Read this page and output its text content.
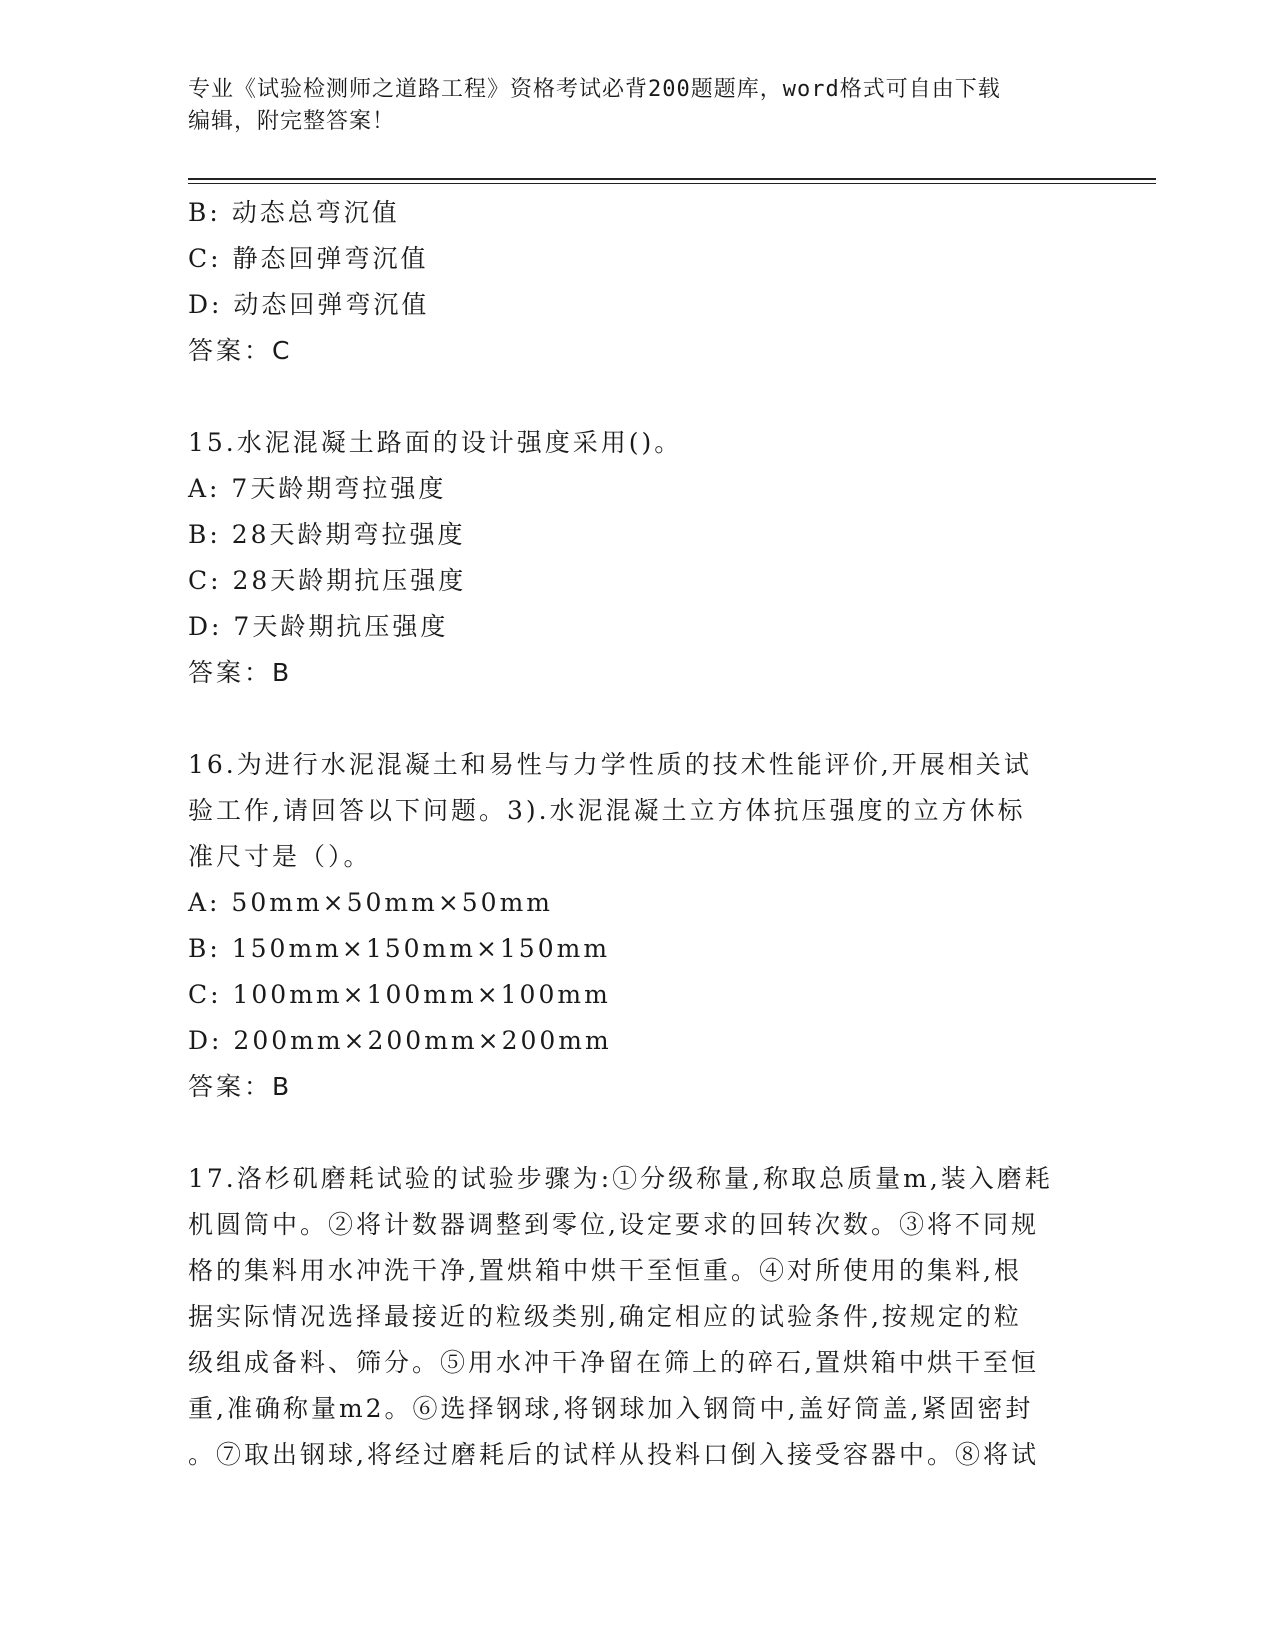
专业《试验检测师之道路工程》资格考试必背200题题库，word格式可自由下载
编辑，附完整答案！
B: 动态总弯沉值
C: 静态回弹弯沉值
D: 动态回弹弯沉值
答案：C
15.水泥混凝土路面的设计强度采用()。
A: 7天龄期弯拉强度
B: 28天龄期弯拉强度
C: 28天龄期抗压强度
D: 7天龄期抗压强度
答案：B
16.为进行水泥混凝土和易性与力学性质的技术性能评价,开展相关试
验工作,请回答以下问题。3).水泥混凝土立方体抗压强度的立方休标
准尺寸是（）。
A: 50mm×50mm×50mm
B: 150mm×150mm×150mm
C: 100mm×100mm×100mm
D: 200mm×200mm×200mm
答案：B
17.洛杉矶磨耗试验的试验步骤为:①分级称量,称取总质量m,装入磨耗
机圆筒中。②将计数器调整到零位,设定要求的回转次数。③将不同规
格的集料用水冲洗干净,置烘箱中烘干至恒重。④对所使用的集料,根
据实际情况选择最接近的粒级类别,确定相应的试验条件,按规定的粒
级组成备料、筛分。⑤用水冲干净留在筛上的碎石,置烘箱中烘干至恒
重,准确称量m2。⑥选择钢球,将钢球加入钢筒中,盖好筒盖,紧固密封
。⑦取出钢球,将经过磨耗后的试样从投料口倒入接受容器中。⑧将试
